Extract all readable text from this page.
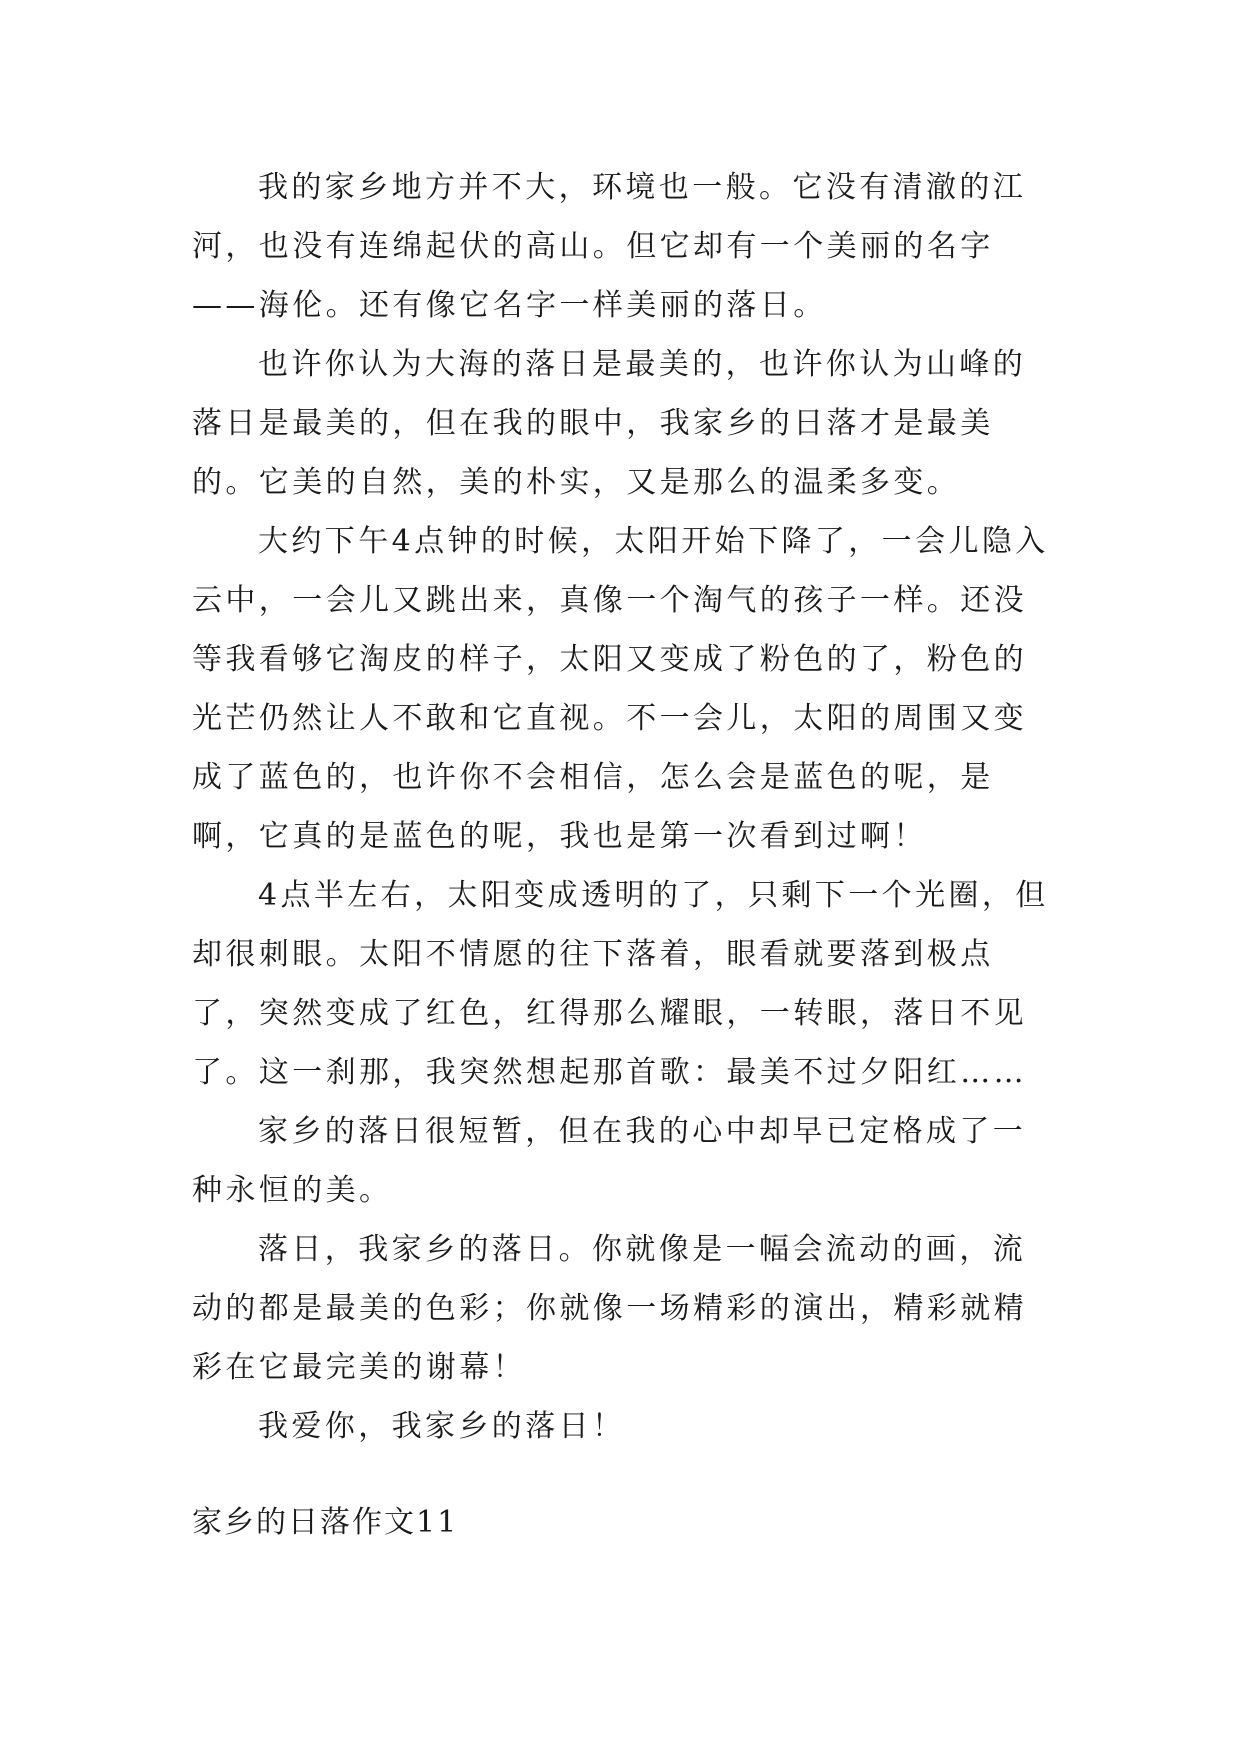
我的家乡地方并不大，环境也一般。它没有清澈的江河，也没有连绵起伏的高山。但它却有一个美丽的名字——海伦。还有像它名字一样美丽的落日。

也许你认为大海的落日是最美的，也许你认为山峰的落日是最美的，但在我的眼中，我家乡的日落才是最美的。它美的自然，美的朴实，又是那么的温柔多变。

大约下午4点钟的时候，太阳开始下降了，一会儿隐入云中，一会儿又跳出来，真像一个淘气的孩子一样。还没等我看够它淘皮的样子，太阳又变成了粉色的了，粉色的光芒仍然让人不敢和它直视。不一会儿，太阳的周围又变成了蓝色的，也许你不会相信，怎么会是蓝色的呢，是啊，它真的是蓝色的呢，我也是第一次看到过啊！

4点半左右，太阳变成透明的了，只剩下一个光圈，但却很刺眼。太阳不情愿的往下落着，眼看就要落到极点了，突然变成了红色，红得那么耀眼，一转眼，落日不见了。这一刹那，我突然想起那首歌：最美不过夕阳红……

家乡的落日很短暂，但在我的心中却早已定格成了一种永恒的美。

落日，我家乡的落日。你就像是一幅会流动的画，流动的都是最美的色彩；你就像一场精彩的演出，精彩就精彩在它最完美的谢幕！

我爱你，我家乡的落日！

家乡的日落作文11
